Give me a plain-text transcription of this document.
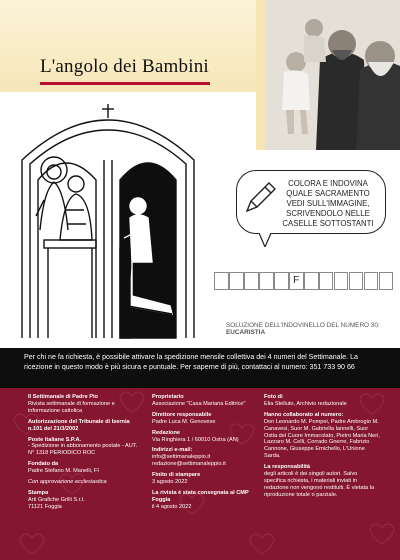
L'angolo dei Bambini
COLORA E INDOVINA QUALE SACRAMENTO VEDI SULL'IMMAGINE, SCRIVENDOLO NELLE CASELLE SOTTOSTANTI
F
SOLUZIONE DELL'INDOVINELLO DEL NUMERO 30:
EUCARISTIA
Per chi ne fa richiesta, è possibile attivare la spedizione mensile collettiva dei 4 numeri del Settimanale. La ricezione in questo modo è più sicura e puntuale. Per saperne di più, contattaci al numero: 351 733 90 66
Il Settimanale di Padre Pio
Rivista settimanale di formazione e informazione cattolica
Autorizzazione del Tribunale di Isernia n.101 del 21/3/2002
Poste Italiane S.P.A.
- Spedizione in abbonamento postale - AUT. N° 1318 PERIODICO ROC
Fondato da
Padre Stefano M. Manelli, FI
Con approvazione ecclesiastica
Stampa
Arti Grafiche Grilli S.r.l.
71121 Foggia
Proprietario
Associazione "Casa Mariana Editrice"
Direttore responsabile
Padre Luca M. Genovese
Redazione
Via Ringhiera 1 / 60010 Ostra (AN)
Indirizzi e-mail:
info@settimanaleppio.it
redazione@settimanaleppio.it
Finito di stampare
3 agosto 2022
La rivista è stata consegnata al CMP Foggia
il 4 agosto 2022
Foto di
Elia Stelluto, Archivio redazionale
Hanno collaborato al numero:
Don Leonardo M. Pompei, Padre Ambrogio M. Canavesi, Suor M. Gabriella Iannelli, Suor Ostia del Cuore Immacolato, Pietro Maria Neri, Lazzaro M. Celli, Corrado Gnerre, Fabrizio Cannone, Giuseppe Ernichello, L'Unione Sarda.
La responsabilità
degli articoli è dei singoli autori. Salvo specifica richiesta, i materiali inviati in redazione non vengono restituiti. È vietata la riproduzione totale o parziale.
